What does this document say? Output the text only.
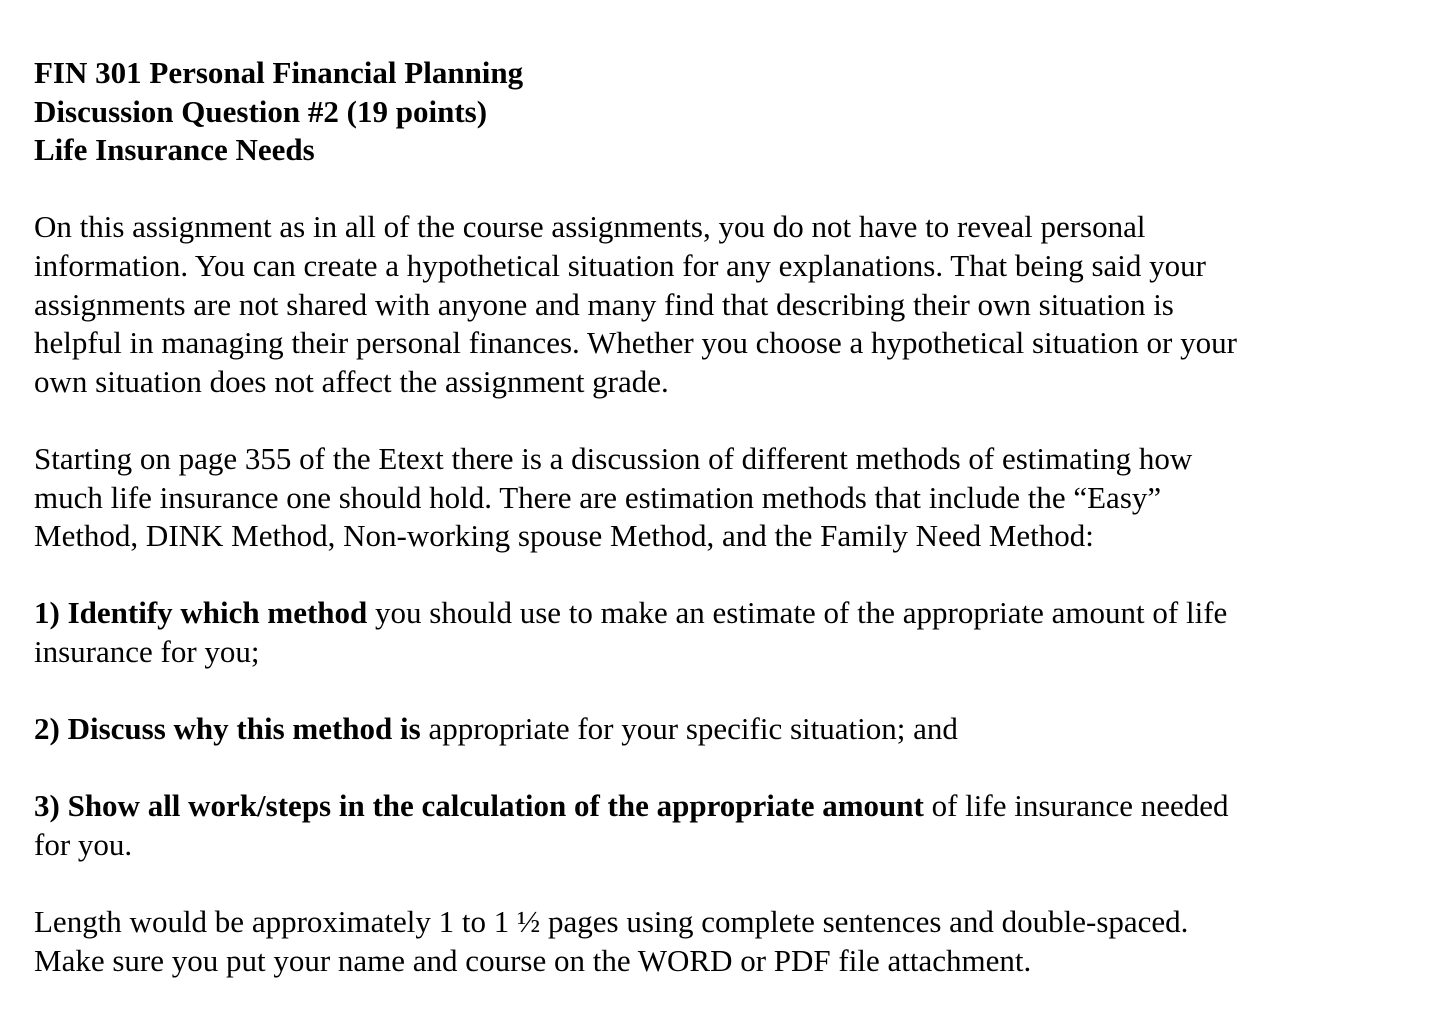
FIN 301 Personal Financial Planning
Discussion Question #2 (19 points)
Life Insurance Needs

On this assignment as in all of the course assignments, you do not have to reveal personal
information. You can create a hypothetical situation for any explanations. That being said your
assignments are not shared with anyone and many find that describing their own situation is
helpful in managing their personal finances. Whether you choose a hypothetical situation or your
own situation does not affect the assignment grade.

Starting on page 355 of the Etext there is a discussion of different methods of estimating how
much life insurance one should hold. There are estimation methods that include the “Easy”
Method, DINK Method, Non-working spouse Method, and the Family Need Method:

1) Identify which method you should use to make an estimate of the appropriate amount of life
insurance for you;

2) Discuss why this method is appropriate for your specific situation; and

3) Show all work/steps in the calculation of the appropriate amount of life insurance needed
for you.

Length would be approximately 1 to 1 ½ pages using complete sentences and double-spaced.
Make sure you put your name and course on the WORD or PDF file attachment.
